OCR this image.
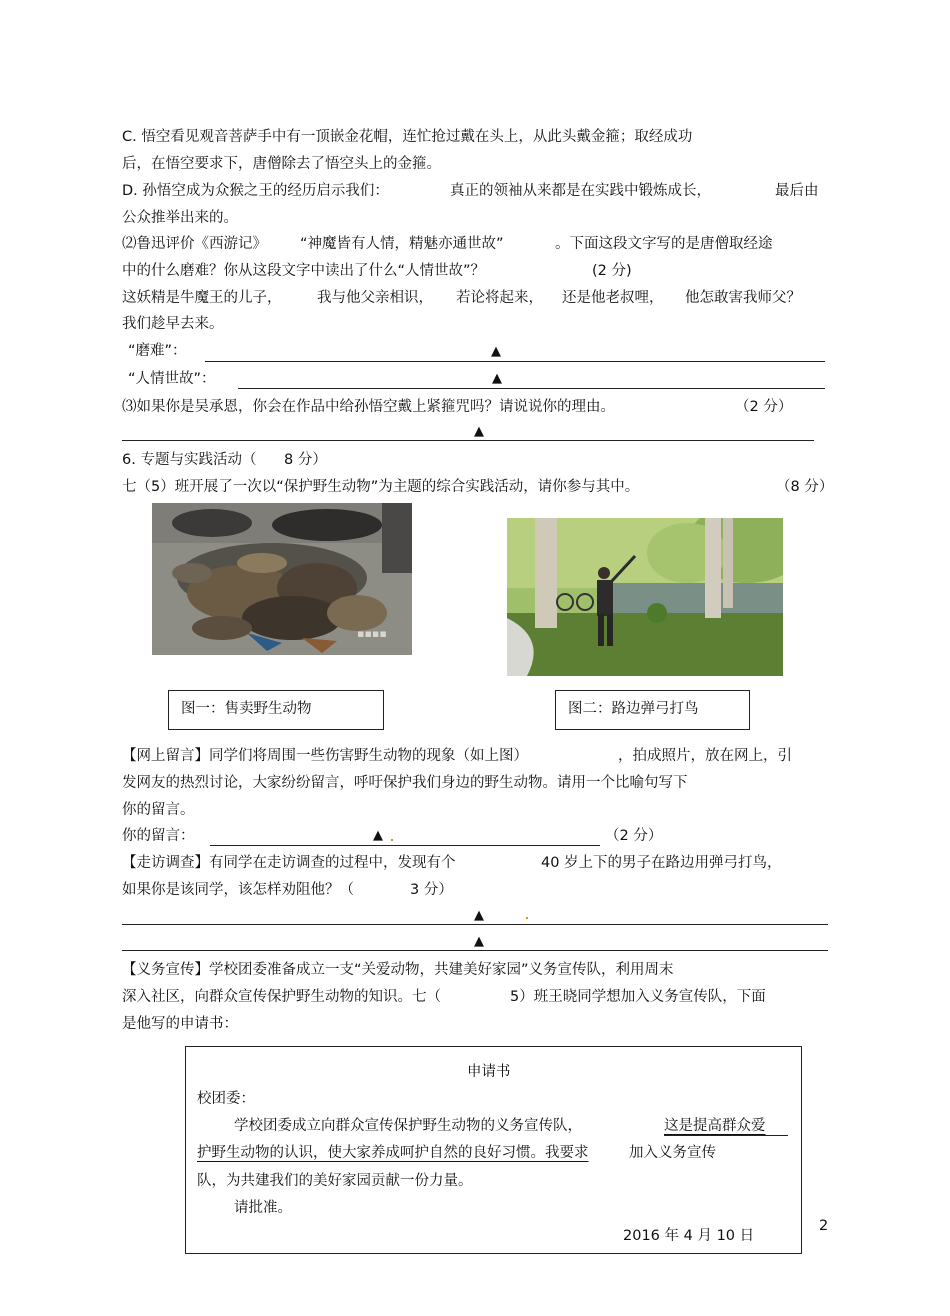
C. 悟空看见观音菩萨手中有一顶嵌金花帽，连忙抢过戴在头上，从此头戴金箍；取经成功
后，在悟空要求下，唐僧除去了悟空头上的金箍。
D. 孙悟空成为众猴之王的经历启示我们：	真正的领袖从来都是在实践中锻炼成长，	最后由
公众推举出来的。
⑵鲁迅评价《西游记》 “神魔皆有人情，精魅亦通世故”	。下面这段文字写的是唐僧取经途
中的什么磨难？你从这段文字中读出了什么“人情世故”？	(2 分)
这妖精是牛魔王的儿子， 我与他父亲相识， 若论将起来， 还是他老叔哩， 他怎敢害我师父？
我们趁早去来。
“磨难”：	▲
“人情世故”：	▲
⑶如果你是吴承恩，你会在作品中给孙悟空戴上紧箍咒吗？请说说你的理由。	（2 分）
▲
6. 专题与实践活动（ 8 分）
七（5）班开展了一次以“保护野生动物”为主题的综合实践活动，请你参与其中。	（8 分）
▪▪▪▪
图一：售卖野生动物	图二：路边弹弓打鸟
【网上留言】同学们将周围一些伤害野生动物的现象（如上图）	，拍成照片，放在网上，引
发网友的热烈讨论，大家纷纷留言，呼吁保护我们身边的野生动物。请用一个比喻句写下
你的留言。
你的留言：	▲	（2 分）
【走访调查】有同学在走访调查的过程中，发现有个	40 岁上下的男子在路边用弹弓打鸟，
如果你是该同学，该怎样劝阻他？（	3 分）
▲
▲
【义务宣传】学校团委准备成立一支“关爱动物，共建美好家园”义务宣传队，利用周末
深入社区，向群众宣传保护野生动物的知识。七（	5）班王晓同学想加入义务宣传队，下面
是他写的申请书：
申请书
校团委：
学校团委成立向群众宣传保护野生动物的义务宣传队，	这是提高群众爱
护野生动物的认识，使大家养成呵护自然的良好习惯。我要求	加入义务宣传
队，为共建我们的美好家园贡献一份力量。
请批准。
2016 年 4 月 10 日
2
